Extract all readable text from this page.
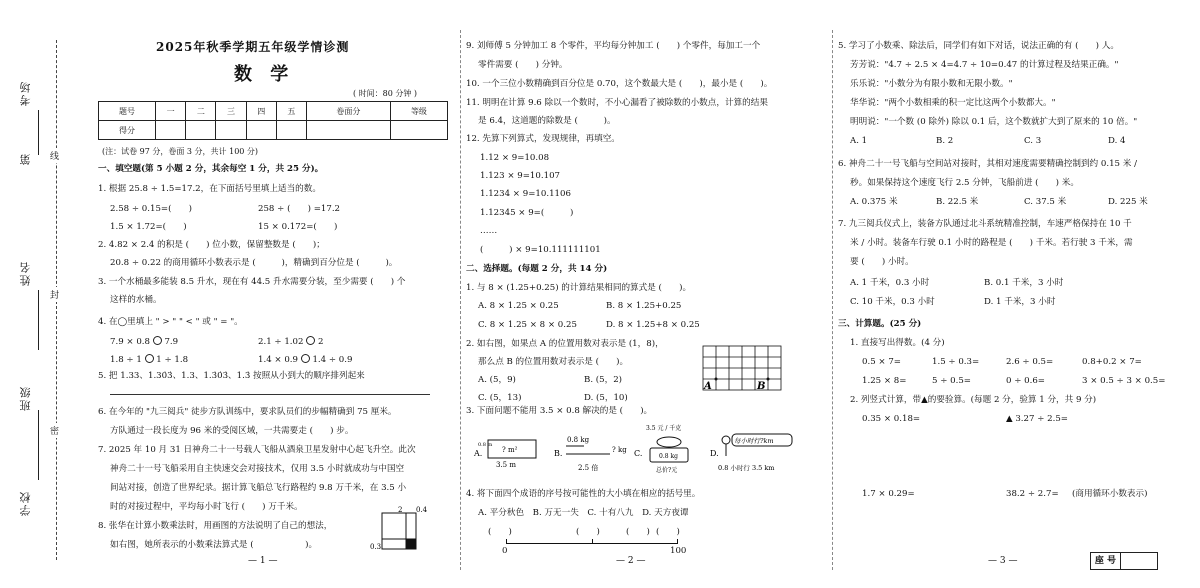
考场
第
姓名
班级
学校
线
封
密
2025年秋季学期五年级学情诊测
数 学
( 时间：80 分钟 )
题号	一	二	三	四	五	卷面分	等级
得分							
(注：试卷 97 分，卷面 3 分，共计 100 分)
一、填空题(第 5 小题 2 分，其余每空 1 分，共 25 分)。
1. 根据 25.8 ÷ 1.5=17.2，在下面括号里填上适当的数。
2.58 ÷ 0.15=(　　)	258 ÷ (　　) =17.2
1.5 × 1.72=(　　)	15 × 0.172=(　　)
2. 4.82 × 2.4 的积是 (　　) 位小数，保留整数是 (　　)；
20.8 ÷ 0.22 的商用循环小数表示是 (　　　)，精确到百分位是 (　　　)。
3. 一个水桶最多能装 8.5 升水，现在有 44.5 升水需要分装，至少需要 (　　) 个
这样的水桶。
4. 在◯里填上 " > " " < " 或 " = "。
7.9 × 0.8 7.9	2.1 ÷ 1.02 2
1.8 ÷ 1 1 ÷ 1.8	1.4 × 0.9 1.4 ÷ 0.9
5. 把 1.33、1.30̇3̇、1.3、1.3̇0̇3̇、1.3̇ 按照从小到大的顺序排列起来
6. 在今年的 "九三阅兵" 徒步方队训练中，要求队员们的步幅精确到 75 厘米。
方队通过一段长度为 96 米的受阅区域，一共需要走 (　　) 步。
7. 2025 年 10 月 31 日神舟二十一号载人飞船从酒泉卫星发射中心起飞升空。此次
神舟二十一号飞船采用自主快速交会对接技术，仅用 3.5 小时就成功与中国空
间站对接，创造了世界纪录。据计算飞船总飞行路程约 9.8 万千米，在 3.5 小
时的对接过程中，平均每小时飞行 (　　) 万千米。
8. 张华在计算小数乘法时，用画图的方法说明了自己的想法，
如右图，她所表示的小数乘法算式是 (　　　　　　)。
2 0.4
0.3
— 1 —
9. 刘师傅 5 分钟加工 8 个零件，平均每分钟加工 (　　) 个零件，每加工一个
零件需要 (　　) 分钟。
10. 一个三位小数精确到百分位是 0.70，这个数最大是 (　　)，最小是 (　　)。
11. 明明在计算 9.6 除以一个数时，不小心漏看了被除数的小数点，计算的结果
是 6.4，这道题的除数是 (　　　)。
12. 先算下列算式，发现规律，再填空。
1.12 × 9=10.08
1.123 × 9=10.107
1.1234 × 9=10.1106
1.12345 × 9=(　　　)
……
(　　　) × 9=10.111111101
二、选择题。(每题 2 分，共 14 分)
1. 与 8 × (1.25+0.25) 的计算结果相同的算式是 (　　)。
A. 8 × 1.25 × 0.25	B. 8 × 1.25+0.25
C. 8 × 1.25 × 8 × 0.25	D. 8 × 1.25+8 × 0.25
2. 如右图，如果点 A 的位置用数对表示是 (1，8)，
那么点 B 的位置用数对表示是 (　　)。
A. (5，9)	B. (5，2)
C. (5，13)	D. (5，10)
A	B
3. 下面问题不能用 3.5 × 0.8 解决的是 (　　)。
A.	? m²
0.8 m
3.5 m
B.
0.8 kg
? kg
2.5 倍
C.
3.5 元 / 千克
0.8 kg
总价?元
D.
每小时行?km
0.8 小时行 3.5 km
4. 将下面四个成语的序号按可能性的大小填在相应的括号里。
A. 平分秋色　B. 万无一失　C. 十有八九　D. 天方夜谭
(　　)	(　　)	(　　) (　　)
0	100
— 2 —
5. 学习了小数乘、除法后，同学们有如下对话，说法正确的有 (　　) 人。
芳芳说："4.7 ÷ 2.5 × 4=4.7 ÷ 10=0.47 的计算过程及结果正确。"
乐乐说："小数分为有限小数和无限小数。"
华华说："两个小数相乘的积一定比这两个小数都大。"
明明说："一个数 (0 除外) 除以 0.1 后，这个数就扩大到了原来的 10 倍。"
A. 1	B. 2	C. 3	D. 4
6. 神舟二十一号飞船与空间站对接时，其相对速度需要精确控制到约 0.15 米 /
秒。如果保持这个速度飞行 2.5 分钟，飞船前进 (　　) 米。
A. 0.375 米	B. 22.5 米	C. 37.5 米	D. 225 米
7. 九三阅兵仪式上，装备方队通过北斗系统精准控制，车速严格保持在 10 千
米 / 小时。装备车行驶 0.1 小时的路程是 (　　) 千米。若行驶 3 千米，需
要 (　　) 小时。
A. 1 千米，0.3 小时	B. 0.1 千米，3 小时
C. 10 千米，0.3 小时	D. 1 千米，3 小时
三、计算题。(25 分)
1. 直接写出得数。(4 分)
0.5 × 7=	1.5 ÷ 0.3=	2.6 ÷ 0.5=	0.8+0.2 × 7=
1.25 × 8=	5 ÷ 0.5=	0 ÷ 0.6=	3 × 0.5 ÷ 3 × 0.5=
2. 列竖式计算，带▲的要验算。(每题 2 分，验算 1 分，共 9 分)
0.35 × 0.18=	▲ 3.27 ÷ 2.5=
1.7 × 0.29=	38.2 ÷ 2.7= (商用循环小数表示)
— 3 —	座 号
